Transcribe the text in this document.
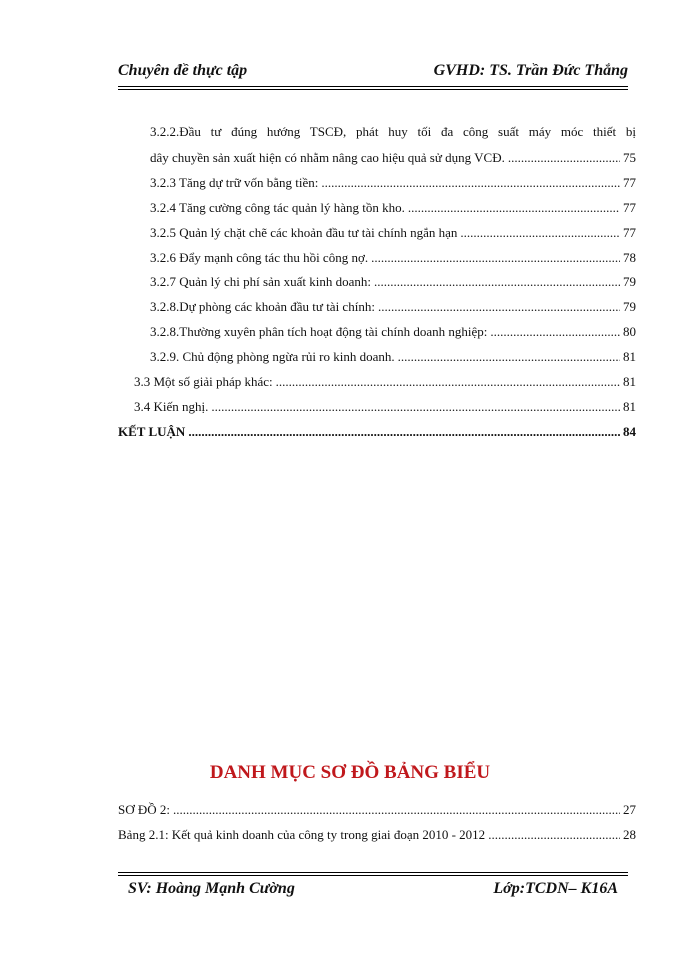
Chuyên đề thực tập	GVHD: TS. Trần Đức Thắng
3.2.2.Đầu tư đúng hướng TSCĐ, phát huy tối đa công suất máy móc thiết bị
dây chuyền sản xuất hiện có nhằm nâng cao hiệu quả sử dụng VCĐ. .....	75
3.2.3 Tăng dự trữ vốn bằng tiền: .....	77
3.2.4 Tăng cường công tác quản lý hàng tồn kho. .....	77
3.2.5 Quản lý chặt chẽ các khoản đầu tư tài chính ngắn hạn .....	77
3.2.6 Đẩy mạnh công tác thu hồi công nợ. .....	78
3.2.7 Quản lý chi phí sản xuất kinh doanh: .....	79
3.2.8.Dự phòng các khoản đầu tư tài chính: .....	79
3.2.8.Thường xuyên phân tích hoạt động tài chính doanh nghiệp: .....	80
3.2.9. Chủ động phòng ngừa rủi ro kinh doanh. .....	81
3.3 Một số giải pháp khác: .....	81
3.4 Kiến nghị. .....	81
KẾT LUẬN .....	84
DANH MỤC SƠ ĐỒ BẢNG BIỂU
SƠ ĐỒ 2: .....	27
Bảng 2.1: Kết quả kinh doanh của công ty trong giai đoạn 2010 - 2012 .....	28
SV: Hoàng Mạnh Cường	Lớp:TCDN– K16A
